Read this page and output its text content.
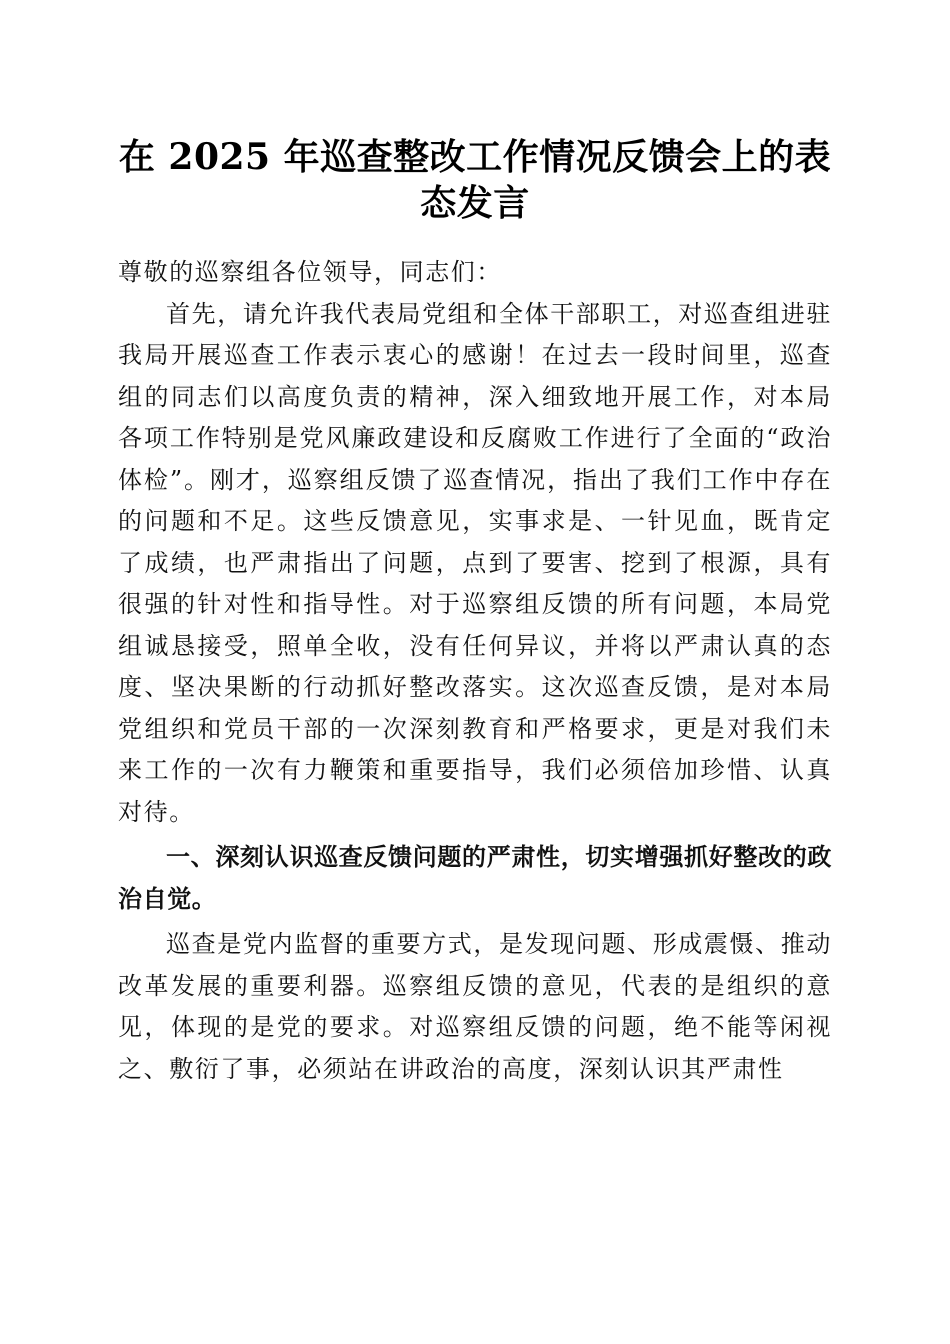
在 2025 年巡查整改工作情况反馈会上的表态发言

尊敬的巡察组各位领导，同志们：

首先，请允许我代表局党组和全体干部职工，对巡查组进驻我局开展巡查工作表示衷心的感谢！在过去一段时间里，巡查组的同志们以高度负责的精神，深入细致地开展工作，对本局各项工作特别是党风廉政建设和反腐败工作进行了全面的“政治体检”。刚才，巡察组反馈了巡查情况，指出了我们工作中存在的问题和不足。这些反馈意见，实事求是、一针见血，既肯定了成绩，也严肃指出了问题，点到了要害、挖到了根源，具有很强的针对性和指导性。对于巡察组反馈的所有问题，本局党组诚恳接受，照单全收，没有任何异议，并将以严肃认真的态度、坚决果断的行动抓好整改落实。这次巡查反馈，是对本局党组织和党员干部的一次深刻教育和严格要求，更是对我们未来工作的一次有力鞭策和重要指导，我们必须倍加珍惜、认真对待。

一、深刻认识巡查反馈问题的严肃性，切实增强抓好整改的政治自觉。

巡查是党内监督的重要方式，是发现问题、形成震慑、推动改革发展的重要利器。巡察组反馈的意见，代表的是组织的意见，体现的是党的要求。对巡察组反馈的问题，绝不能等闲视之、敷衍了事，必须站在讲政治的高度，深刻认识其严肃性
